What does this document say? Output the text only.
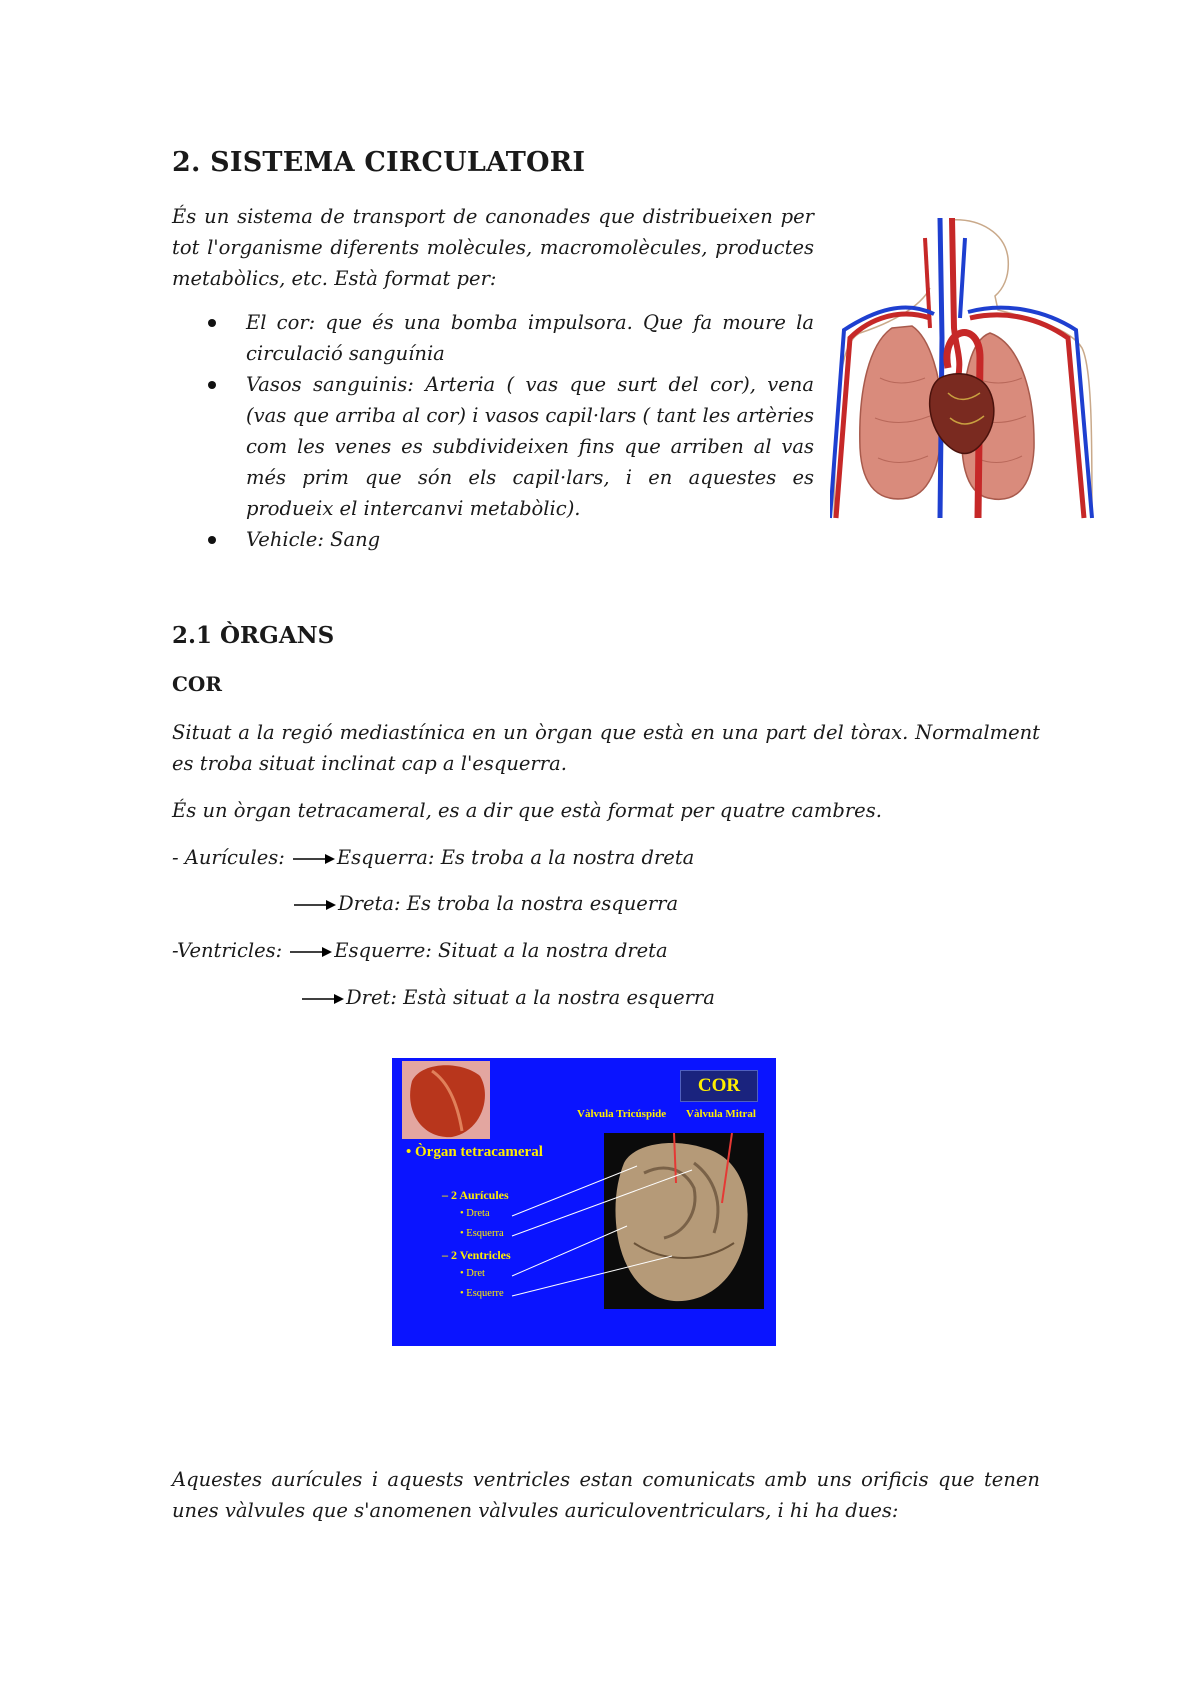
2. SISTEMA CIRCULATORI
És un sistema de transport de canonades que distribueixen per tot l'organisme diferents molècules, macromolècules, productes metabòlics, etc. Està format per:
El cor: que és una bomba impulsora. Que fa moure la circulació sanguínia
Vasos sanguinis: Arteria ( vas que surt del cor), vena (vas que arriba al cor) i vasos capil·lars ( tant les artèries com les venes es subdivideixen fins que arriben al vas més prim que són els capil·lars, i en aquestes es produeix el intercanvi metabòlic).
Vehicle: Sang
2.1 ÒRGANS
COR
Situat a la regió mediastínica en un òrgan que està en una part del tòrax. Normalment es troba situat inclinat cap a l'esquerra.
És un òrgan tetracameral, es a dir que està format per quatre cambres.
- Aurícules:	Esquerra: Es troba a la nostra dreta
Dreta: Es troba la nostra esquerra
-Ventricles:	Esquerre: Situat a la nostra dreta
Dret: Està situat a la nostra esquerra
COR
Vàlvula Tricúspide Vàlvula Mitral
• Òrgan tetracameral
– 2 Aurícules
• Dreta
• Esquerra
– 2 Ventricles
• Dret
• Esquerre
Aquestes aurícules i aquests ventricles estan comunicats amb uns orificis que tenen unes vàlvules que s'anomenen vàlvules auriculoventriculars, i hi ha dues:
